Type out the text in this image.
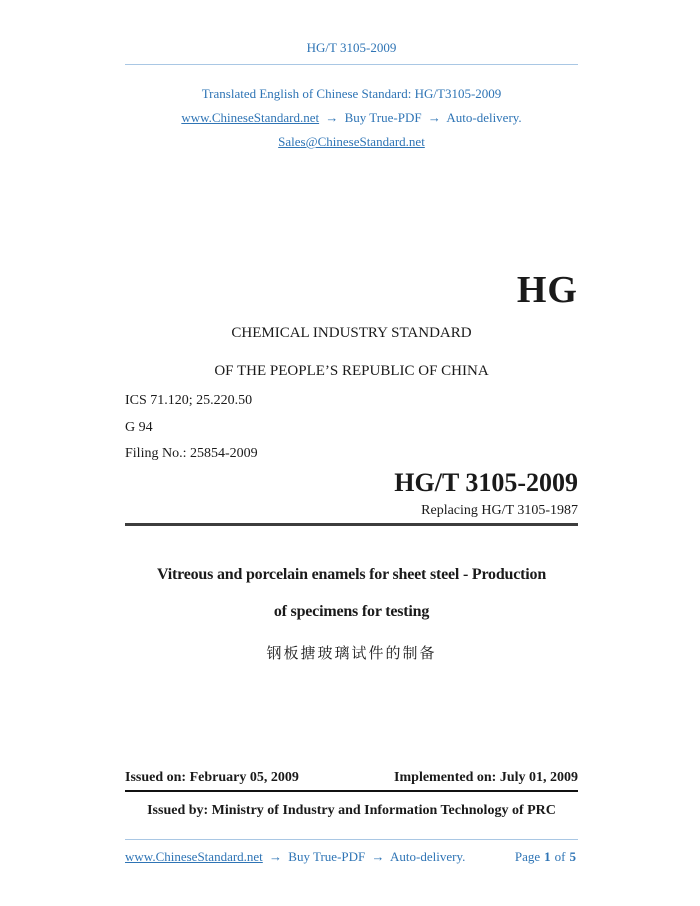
HG/T 3105-2009
Translated English of Chinese Standard: HG/T3105-2009
www.ChineseStandard.net → Buy True-PDF → Auto-delivery.
Sales@ChineseStandard.net
HG
CHEMICAL INDUSTRY STANDARD
OF THE PEOPLE’S REPUBLIC OF CHINA
ICS 71.120; 25.220.50
G 94
Filing No.: 25854-2009
HG/T 3105-2009
Replacing HG/T 3105-1987
Vitreous and porcelain enamels for sheet steel - Production
of specimens for testing
钢板搪玻璃试件的制备
Issued on: February 05, 2009	Implemented on: July 01, 2009
Issued by: Ministry of Industry and Information Technology of PRC
www.ChineseStandard.net → Buy True-PDF → Auto-delivery.	Page 1 of 5
